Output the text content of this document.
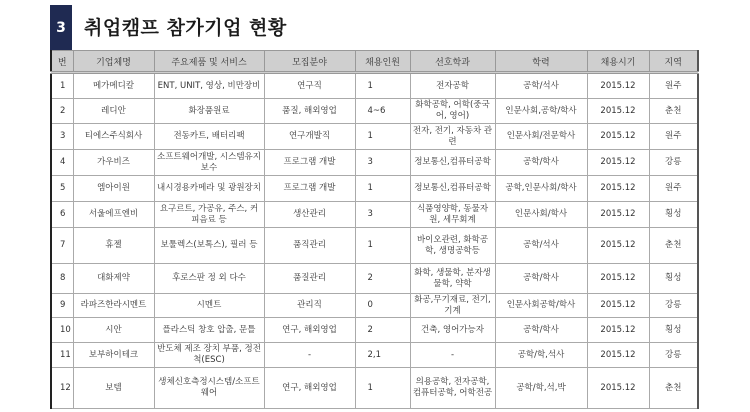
3 취업캠프 참가기업 현황
번	기업체명	주요제품 및 서비스	모집분야	채용인원	선호학과	학력	채용시기	지역
1	메가메디칼	ENT, UNIT, 영상, 비만장비	연구직	1	전자공학	공학/석사	2015.12	원주
2	레디안	화장품원료	품질, 해외영업	4~6	화학공학, 어학(중국어, 영어)	인문사회,공학/학사	2015.12	춘천
3	티에스주식회사	전동카트, 배터리팩	연구개발직	1	전자, 전기, 자동차 관련	인문사회/전문학사	2015.12	원주
4	가우비즈	소프트웨어개발, 시스템유지보수	프로그램 개발	3	정보통신,컴퓨터공학	공학/학사	2015.12	강릉
5	엠아이원	내시경용카메라 및 광원장치	프로그램 개발	1	정보통신,컴퓨터공학	공학,인문사회/학사	2015.12	원주
6	서울에프엔비	요구르트, 가공유, 주스, 커피음료 등	생산관리	3	식품영양학, 동물자원, 세무회계	인문사회/학사	2015.12	횡성
7	휴젤	보툴렉스(보톡스), 필러 등	품직관리	1	바이오관련, 화학공학, 생명공학등	공학/석사	2015.12	춘천
8	대화제약	후로스판 정 외 다수	품질관리	2	화학, 생물학, 분자생물학, 약학	공학/학사	2015.12	횡성
9	라파즈한라시멘트	시멘트	관리직	0	화공,무기재료, 전기, 기계	인문사회공학/학사	2015.12	강릉
10	시안	플라스틱 창호 압출, 문틀	연구, 해외영업	2	건축, 영어가능자	공학/학사	2015.12	횡성
11	보부하이테크	반도체 제조 장치 부품, 정전척(ESC)	-	2,1	-	공학/학,석사	2015.12	강릉
12	보템	생체신호측정시스템/소프트웨어	연구, 해외영업	1	의용공학, 전자공학, 컴퓨터공학, 어학전공	공학/학,석,박	2015.12	춘천
